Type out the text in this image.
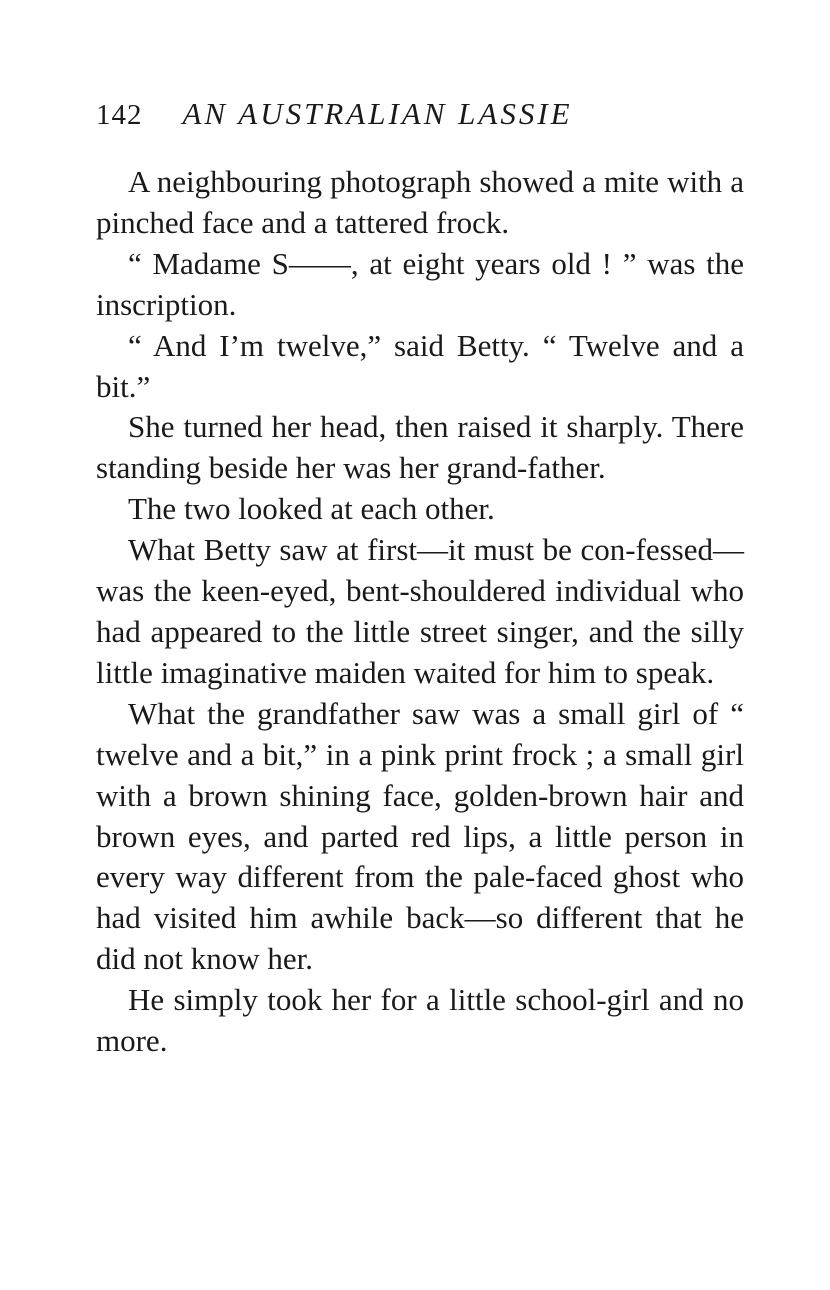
142 AN AUSTRALIAN LASSIE

A neighbouring photograph showed a mite with a pinched face and a tattered frock.

“ Madame S——, at eight years old ! ” was the inscription.

“ And I’m twelve,” said Betty. “ Twelve and a bit.”

She turned her head, then raised it sharply. There standing beside her was her grand-father.

The two looked at each other.

What Betty saw at first—it must be con-fessed—was the keen-eyed, bent-shouldered individual who had appeared to the little street singer, and the silly little imaginative maiden waited for him to speak.

What the grandfather saw was a small girl of “ twelve and a bit,” in a pink print frock ; a small girl with a brown shining face, golden-brown hair and brown eyes, and parted red lips, a little person in every way different from the pale-faced ghost who had visited him awhile back—so different that he did not know her.

He simply took her for a little school-girl and no more.
